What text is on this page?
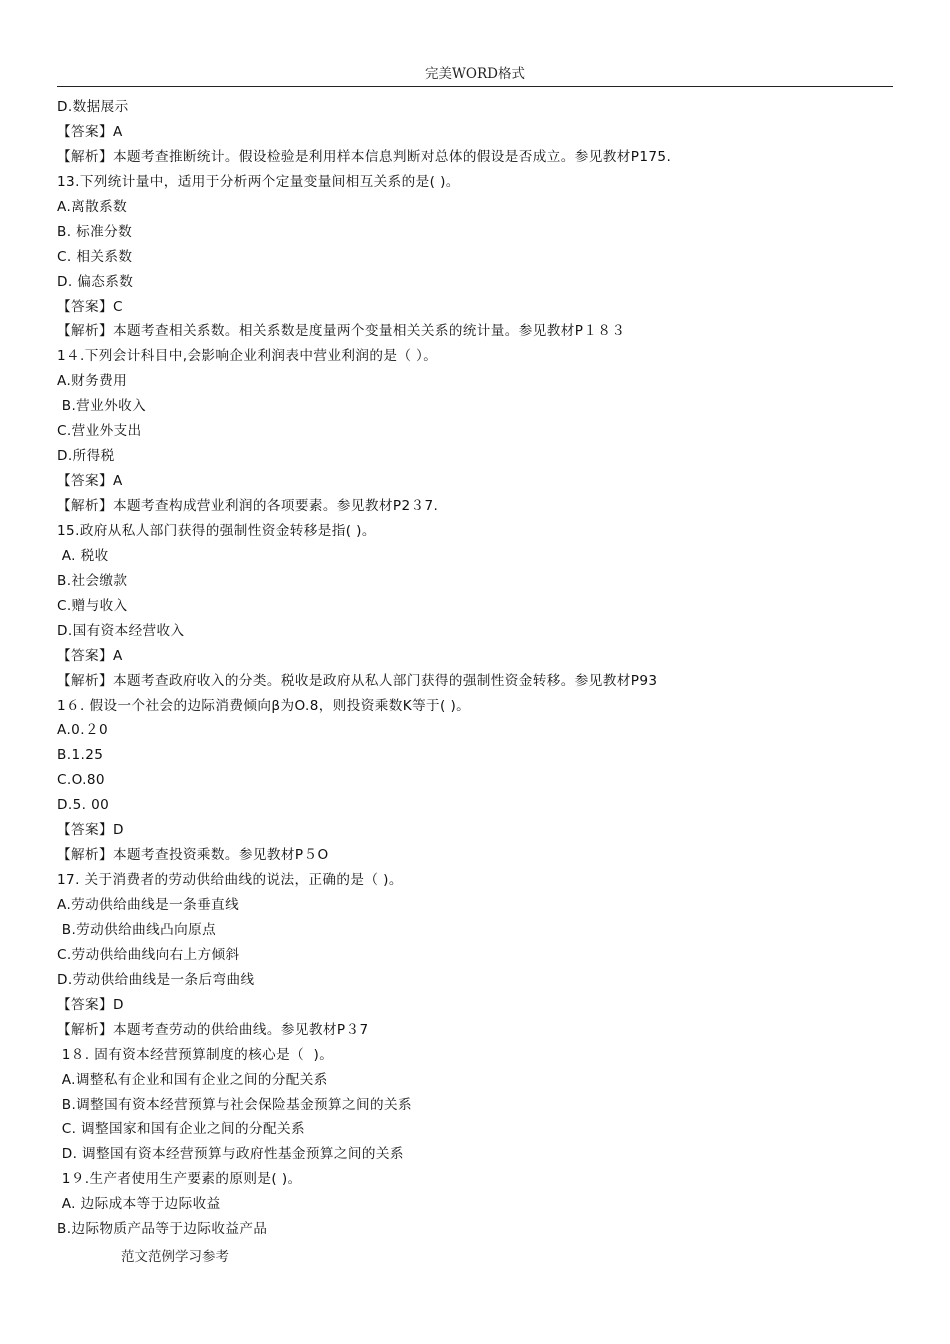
完美WORD格式
D.数据展示
【答案】A
【解析】本题考查推断统计。假设检验是利用样本信息判断对总体的假设是否成立。参见教材P175.
13.下列统计量中，适用于分析两个定量变量间相互关系的是( )。
A.离散系数
B. 标准分数
C. 相关系数
D. 偏态系数
【答案】C
【解析】本题考查相关系数。相关系数是度量两个变量相关关系的统计量。参见教材P１８３
1４.下列会计科目中,会影响企业利润表中营业利润的是（ ）。
A.财务费用
B.营业外收入
C.营业外支出
D.所得税
【答案】A
【解析】本题考查构成营业利润的各项要素。参见教材P2３7.
15.政府从私人部门获得的强制性资金转移是指( )。
A. 税收
B.社会缴款
C.赠与收入
D.国有资本经营收入
【答案】A
【解析】本题考查政府收入的分类。税收是政府从私人部门获得的强制性资金转移。参见教材P93
1６. 假设一个社会的边际消费倾向β为O.8，则投资乘数K等于( )。
A.0.２0
B.1.25
C.O.80
D.5. 00
【答案】D
【解析】本题考查投资乘数。参见教材P５O
17. 关于消费者的劳动供给曲线的说法，正确的是（ )。
A.劳动供给曲线是一条垂直线
B.劳动供给曲线凸向原点
C.劳动供给曲线向右上方倾斜
D.劳动供给曲线是一条后弯曲线
【答案】D
【解析】本题考查劳动的供给曲线。参见教材P３7
1８. 固有资本经营预算制度的核心是（  )。
A.调整私有企业和国有企业之间的分配关系
B.调整国有资本经营预算与社会保险基金预算之间的关系
C. 调整国家和国有企业之间的分配关系
D. 调整国有资本经营预算与政府性基金预算之间的关系
1９.生产者使用生产要素的原则是( )。
A. 边际成本等于边际收益
B.边际物质产品等于边际收益产品
范文范例学习参考
